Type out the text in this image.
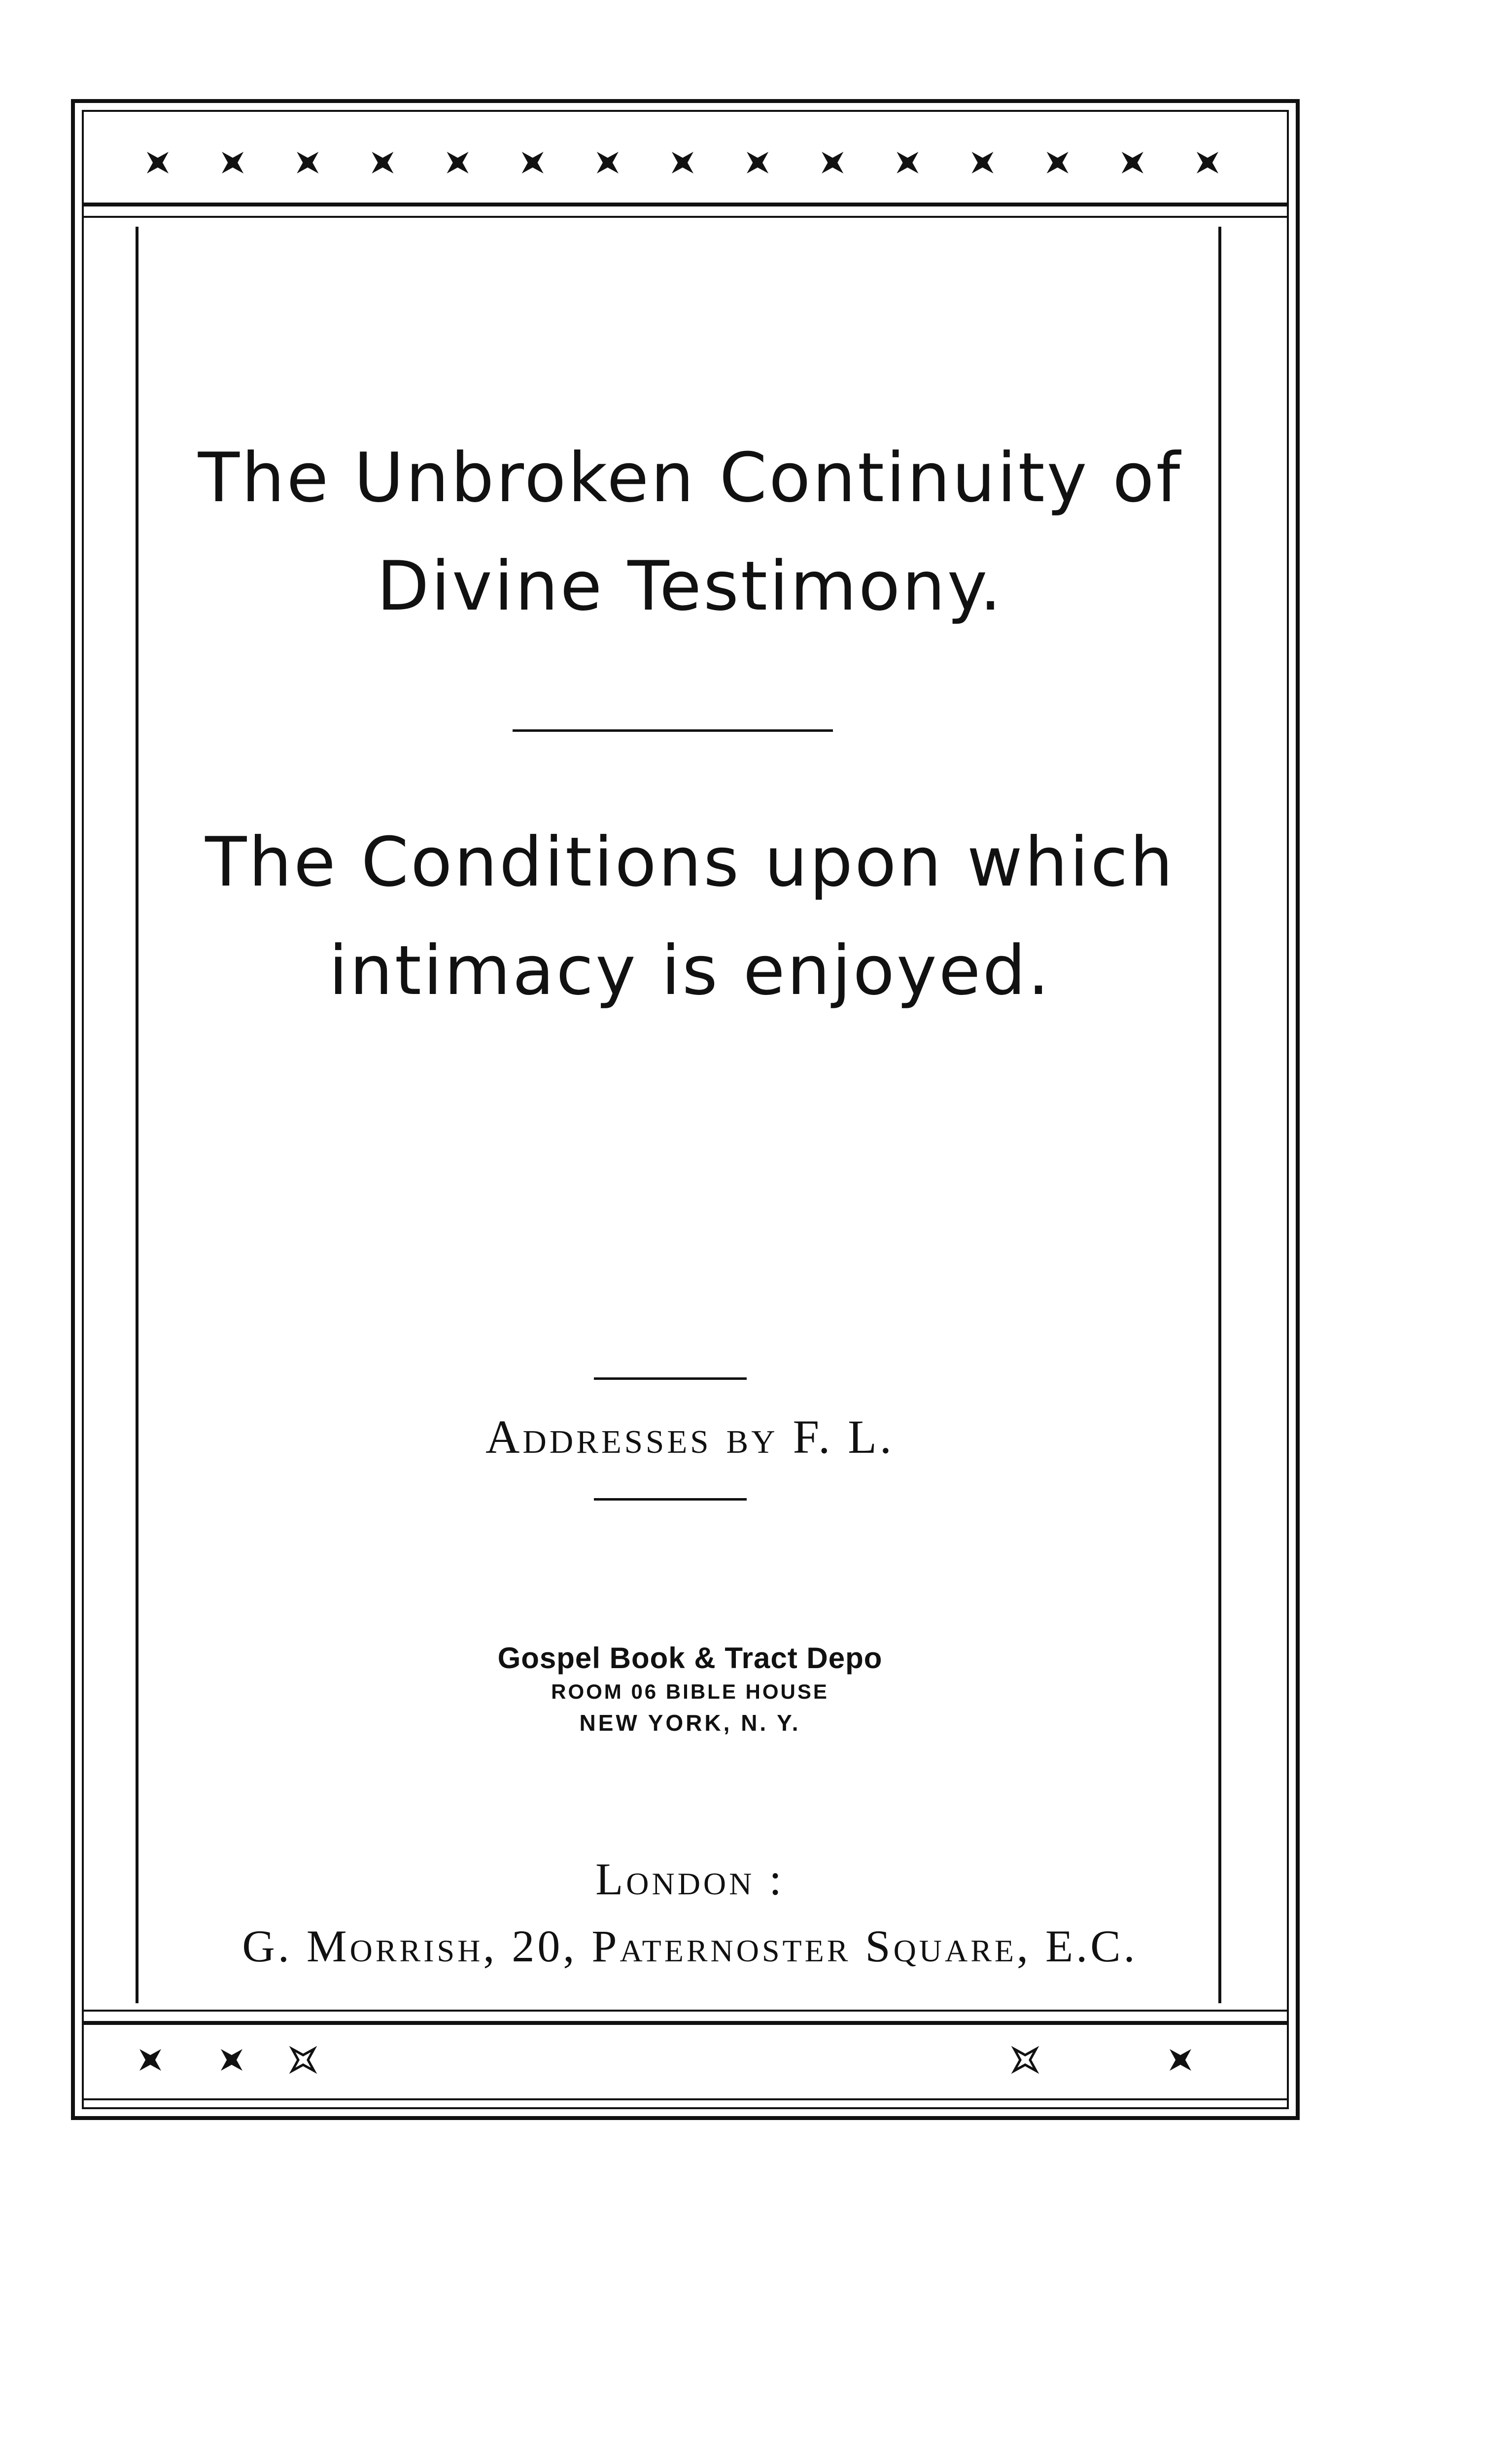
The Unbroken Continuity of
Divine Testimony.
The Conditions upon which
intimacy is enjoyed.
Addresses by F. L.
Gospel Book & Tract Depo
ROOM 06 BIBLE HOUSE
NEW YORK, N. Y.
London :
G. Morrish, 20, Paternoster Square, E.C.
